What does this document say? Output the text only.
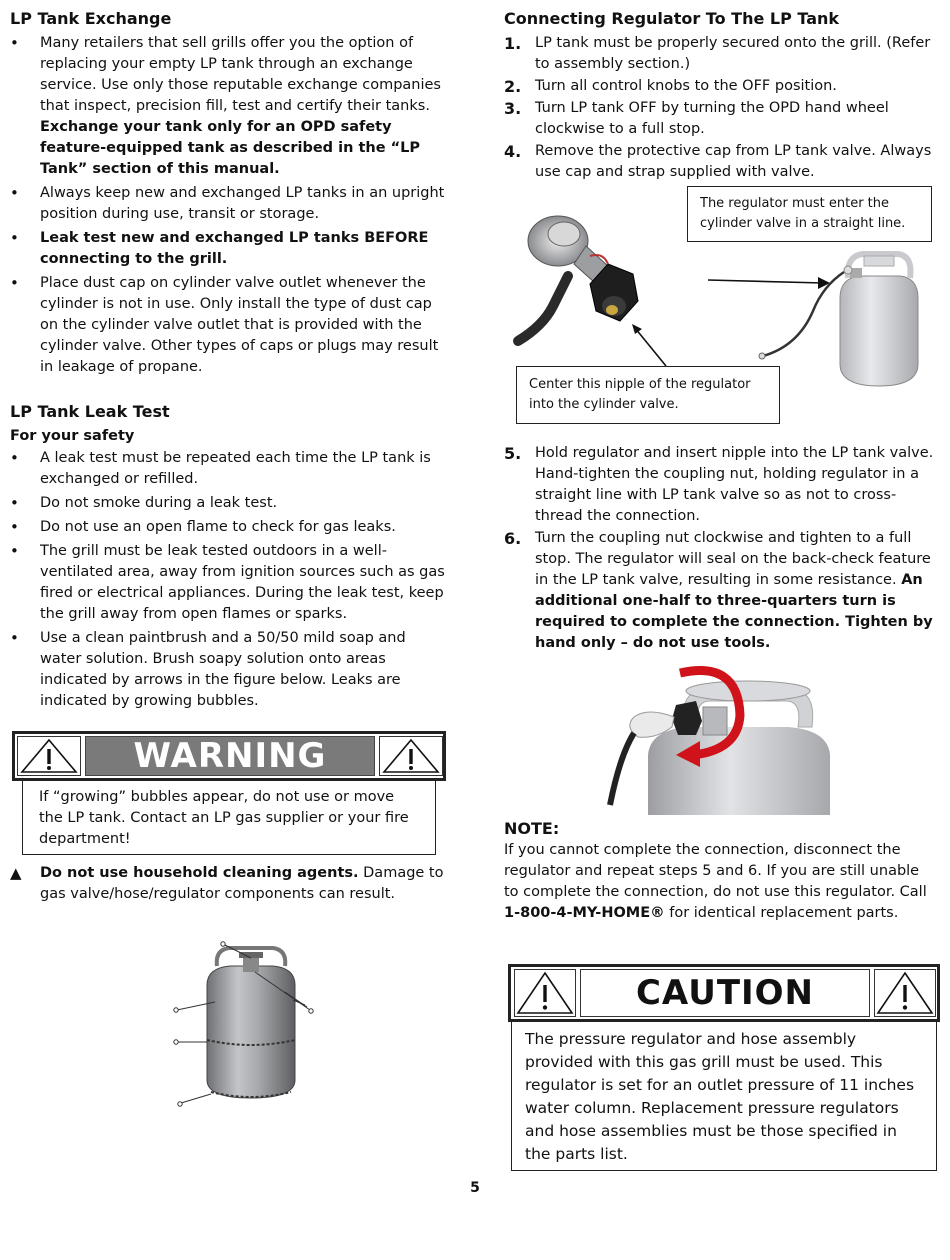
LP Tank Exchange
• Many retailers that sell grills offer you the option of replacing your empty LP tank through an exchange service. Use only those reputable exchange companies that inspect, precision fill, test and certify their tanks. Exchange your tank only for an OPD safety feature-equipped tank as described in the “LP Tank” section of this manual.
• Always keep new and exchanged LP tanks in an upright position during use, transit or storage.
• Leak test new and exchanged LP tanks BEFORE connecting to the grill.
• Place dust cap on cylinder valve outlet whenever the cylinder is not in use. Only install the type of dust cap on the cylinder valve outlet that is provided with the cylinder valve. Other types of caps or plugs may result in leakage of propane.
LP Tank Leak Test
For your safety
• A leak test must be repeated each time the LP tank is exchanged or refilled.
• Do not smoke during a leak test.
• Do not use an open flame to check for gas leaks.
• The grill must be leak tested outdoors in a well-ventilated area, away from ignition sources such as gas fired or electrical appliances. During the leak test, keep the grill away from open flames or sparks.
• Use a clean paintbrush and a 50/50 mild soap and water solution. Brush soapy solution onto areas indicated by arrows in the figure below. Leaks are indicated by growing bubbles.
WARNING

If “growing” bubbles appear, do not use or move the LP tank. Contact an LP gas supplier or your fire department!

▲ Do not use household cleaning agents. Damage to gas valve/hose/regulator components can result.
Connecting Regulator To The LP Tank
1. LP tank must be properly secured onto the grill. (Refer to assembly section.)
2. Turn all control knobs to the OFF position.
3. Turn LP tank OFF by turning the OPD hand wheel clockwise to a full stop.
4. Remove the protective cap from LP tank valve. Always use cap and strap supplied with valve.
The regulator must enter the cylinder valve in a straight line.
Center this nipple of the regulator into the cylinder valve.
5. Hold regulator and insert nipple into the LP tank valve. Hand-tighten the coupling nut, holding regulator in a straight line with LP tank valve so as not to cross-thread the connection.
6. Turn the coupling nut clockwise and tighten to a full stop. The regulator will seal on the back-check feature in the LP tank valve, resulting in some resistance. An additional one-half to three-quarters turn is required to complete the connection. Tighten by hand only – do not use tools.
NOTE:

If you cannot complete the connection, disconnect the regulator and repeat steps 5 and 6. If you are still unable to complete the connection, do not use this regulator. Call 1-800-4-MY-HOME® for identical replacement parts.

CAUTION

The pressure regulator and hose assembly provided with this gas grill must be used. This regulator is set for an outlet pressure of 11 inches water column. Replacement pressure regulators and hose assemblies must be those specified in the parts list.

5
